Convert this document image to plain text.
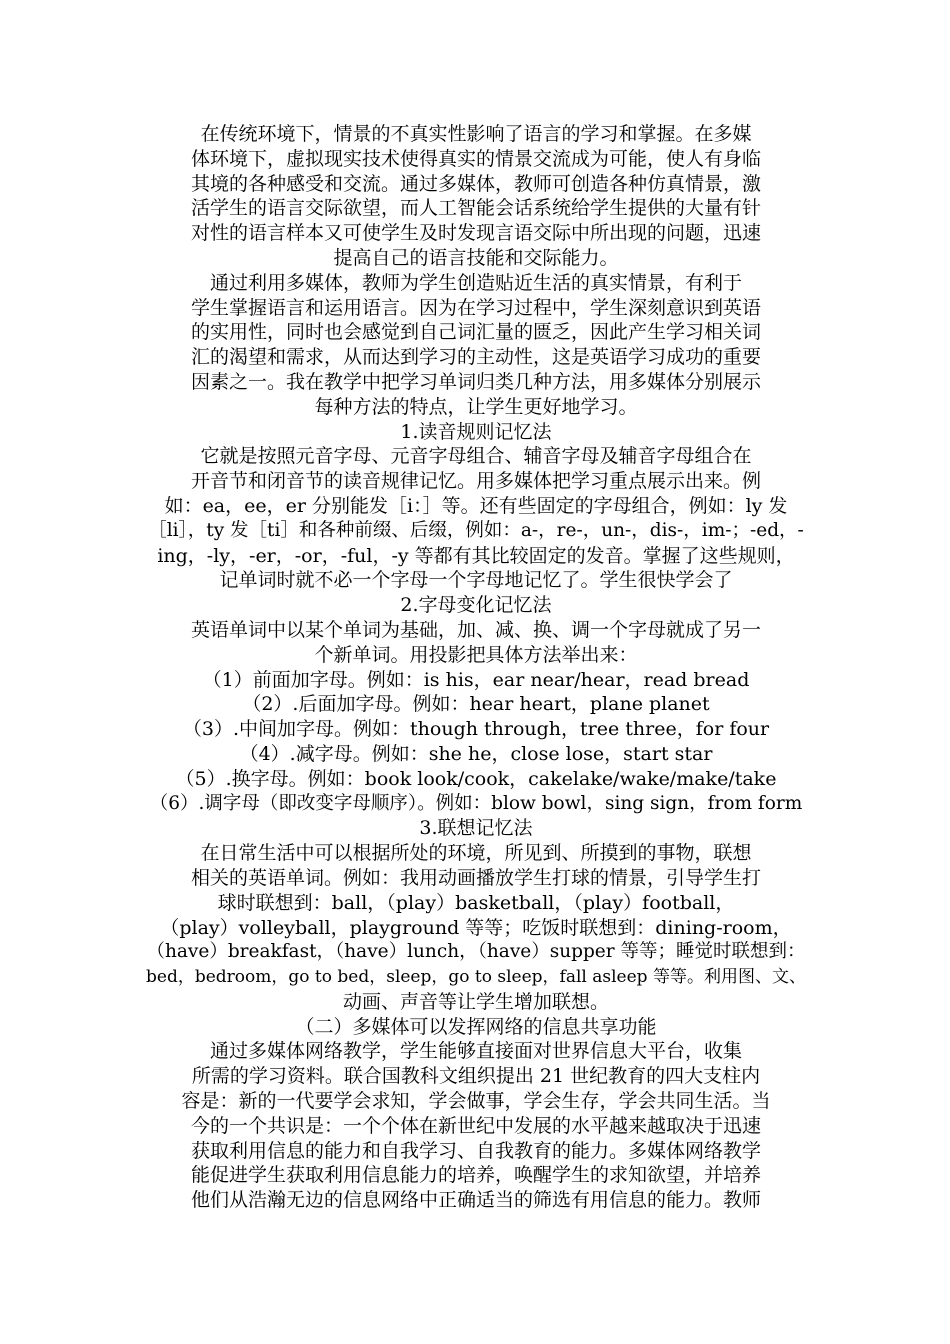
在传统环境下，情景的不真实性影响了语言的学习和掌握。在多媒
体环境下，虚拟现实技术使得真实的情景交流成为可能，使人有身临
其境的各种感受和交流。通过多媒体，教师可创造各种仿真情景，激
活学生的语言交际欲望，而人工智能会话系统给学生提供的大量有针
对性的语言样本又可使学生及时发现言语交际中所出现的问题，迅速
提高自己的语言技能和交际能力。
通过利用多媒体，教师为学生创造贴近生活的真实情景，有利于
学生掌握语言和运用语言。因为在学习过程中，学生深刻意识到英语
的实用性，同时也会感觉到自己词汇量的匮乏，因此产生学习相关词
汇的渴望和需求，从而达到学习的主动性，这是英语学习成功的重要
因素之一。我在教学中把学习单词归类几种方法，用多媒体分别展示
每种方法的特点，让学生更好地学习。
1.读音规则记忆法
它就是按照元音字母、元音字母组合、辅音字母及辅音字母组合在
开音节和闭音节的读音规律记忆。用多媒体把学习重点展示出来。例
如：ea，ee，er 分别能发［i：］等。还有些固定的字母组合，例如：ly 发
［li］，ty 发［ti］和各种前缀、后缀，例如：a-，re-，un-，dis-，im-；-ed，-
ing，-ly，-er，-or，-ful，-y 等都有其比较固定的发音。掌握了这些规则，
记单词时就不必一个字母一个字母地记忆了。学生很快学会了
2.字母变化记忆法
英语单词中以某个单词为基础，加、减、换、调一个字母就成了另一
个新单词。用投影把具体方法举出来：
（1）前面加字母。例如：is his，ear near/hear，read bread
（2）.后面加字母。例如：hear heart，plane planet
（3）.中间加字母。例如：though through，tree three，for four
（4）.减字母。例如：she he，close lose，start star
（5）.换字母。例如：book look/cook，cakelake/wake/make/take
（6）.调字母（即改变字母顺序）。例如：blow bowl，sing sign，from form
3.联想记忆法
在日常生活中可以根据所处的环境，所见到、所摸到的事物，联想
相关的英语单词。例如：我用动画播放学生打球的情景，引导学生打
球时联想到：ball，（play）basketball，（play）football，
（play）volleyball，playground 等等；吃饭时联想到：dining-room，
（have）breakfast，（have）lunch，（have）supper 等等；睡觉时联想到：
bed，bedroom，go to bed，sleep，go to sleep，fall asleep 等等。利用图、文、
动画、声音等让学生增加联想。
（二）多媒体可以发挥网络的信息共享功能
通过多媒体网络教学，学生能够直接面对世界信息大平台，收集
所需的学习资料。联合国教科文组织提出 21 世纪教育的四大支柱内
容是：新的一代要学会求知，学会做事，学会生存，学会共同生活。当
今的一个共识是：一个个体在新世纪中发展的水平越来越取决于迅速
获取利用信息的能力和自我学习、自我教育的能力。多媒体网络教学
能促进学生获取利用信息能力的培养，唤醒学生的求知欲望，并培养
他们从浩瀚无边的信息网络中正确适当的筛选有用信息的能力。教师
